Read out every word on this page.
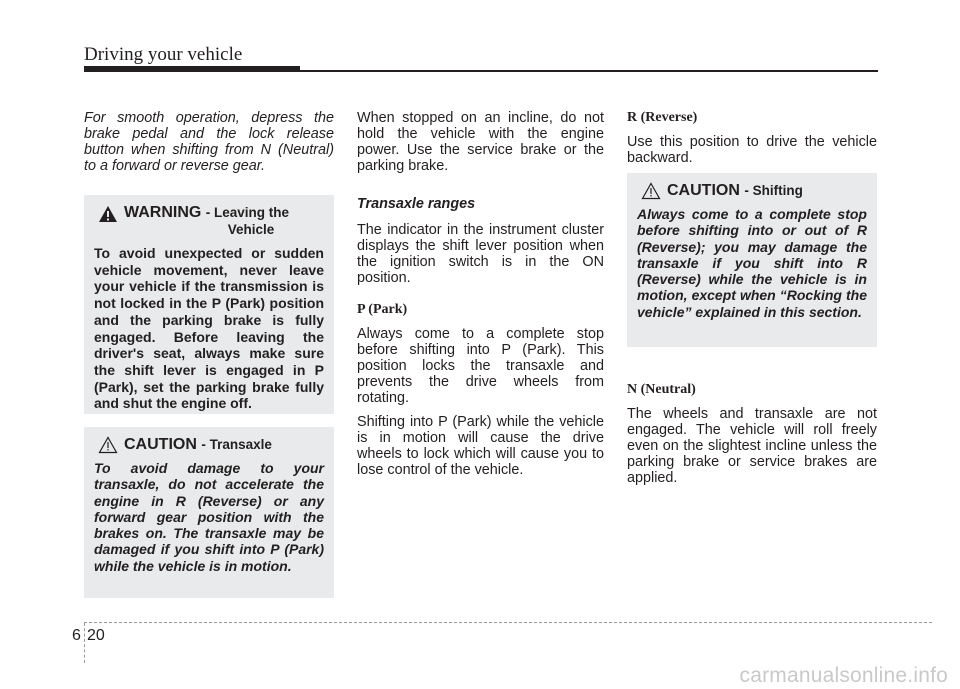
Driving your vehicle

For smooth operation, depress the brake pedal and the lock release button when shifting from N (Neutral) to a forward or reverse gear.

WARNING - Leaving the
Vehicle
To avoid unexpected or sudden vehicle movement, never leave your vehicle if the transmission is not locked in the P (Park) position and the parking brake is fully engaged. Before leaving the driver's seat, always make sure the shift lever is engaged in P (Park), set the parking brake fully and shut the engine off.
CAUTION - Transaxle
To avoid damage to your transaxle, do not accelerate the engine in R (Reverse) or any forward gear position with the brakes on. The transaxle may be damaged if you shift into P (Park) while the vehicle is in motion.

When stopped on an incline, do not hold the vehicle with the engine power. Use the service brake or the parking brake.

Transaxle ranges

The indicator in the instrument cluster displays the shift lever position when the ignition switch is in the ON position.

P (Park)

Always come to a complete stop before shifting into P (Park). This position locks the transaxle and prevents the drive wheels from rotating.

Shifting into P (Park) while the vehicle is in motion will cause the drive wheels to lock which will cause you to lose control of the vehicle.

R (Reverse)

Use this position to drive the vehicle backward.

CAUTION - Shifting
Always come to a complete stop before shifting into or out of R (Reverse); you may damage the transaxle if you shift into R (Reverse) while the vehicle is in motion, except when “Rocking the vehicle” explained in this section.
N (Neutral)

The wheels and transaxle are not engaged. The vehicle will roll freely even on the slightest incline unless the parking brake or service brakes are applied.

6 20
carmanualsonline.info
